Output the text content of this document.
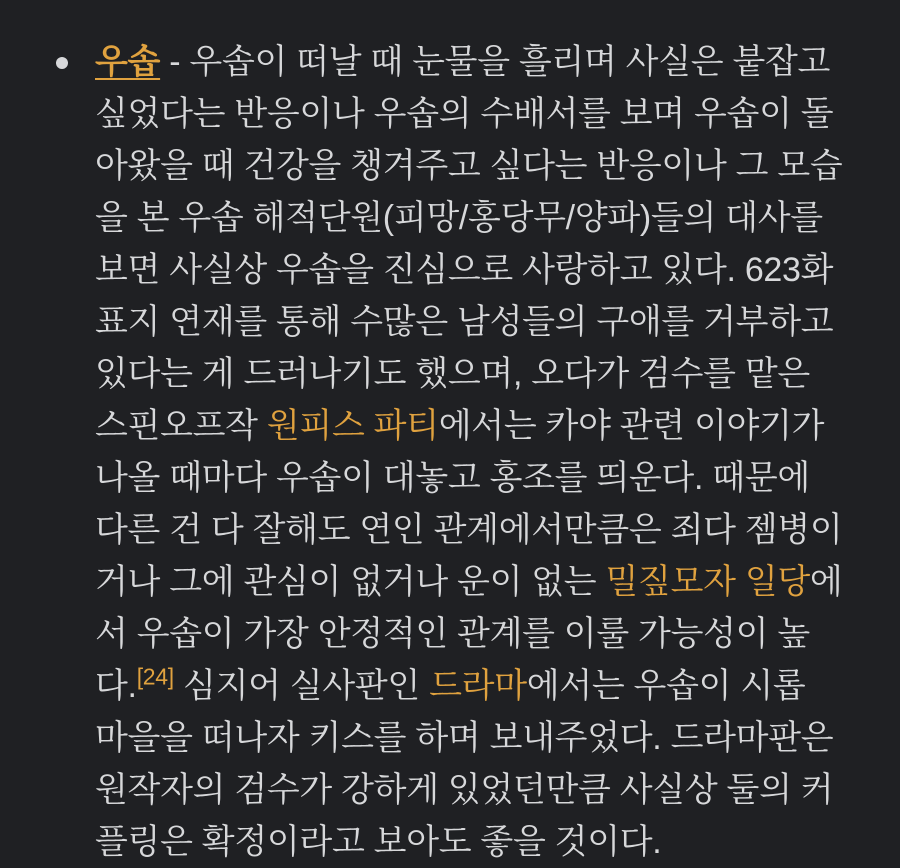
우솝 - 우솝이 떠날 때 눈물을 흘리며 사실은 붙잡고 싶었다는 반응이나 우솝의 수배서를 보며 우솝이 돌아왔을 때 건강을 챙겨주고 싶다는 반응이나 그 모습을 본 우솝 해적단원(피망/홍당무/양파)들의 대사를 보면 사실상 우솝을 진심으로 사랑하고 있다. 623화 표지 연재를 통해 수많은 남성들의 구애를 거부하고 있다는 게 드러나기도 했으며, 오다가 검수를 맡은 스핀오프작 원피스 파티에서는 카야 관련 이야기가 나올 때마다 우솝이 대놓고 홍조를 띄운다. 때문에 다른 건 다 잘해도 연인 관계에서만큼은 죄다 젬병이거나 그에 관심이 없거나 운이 없는 밀짚모자 일당에서 우솝이 가장 안정적인 관계를 이룰 가능성이 높다.[24] 심지어 실사판인 드라마에서는 우솝이 시롭 마을을 떠나자 키스를 하며 보내주었다. 드라마판은 원작자의 검수가 강하게 있었던만큼 사실상 둘의 커플링은 확정이라고 보아도 좋을 것이다.
